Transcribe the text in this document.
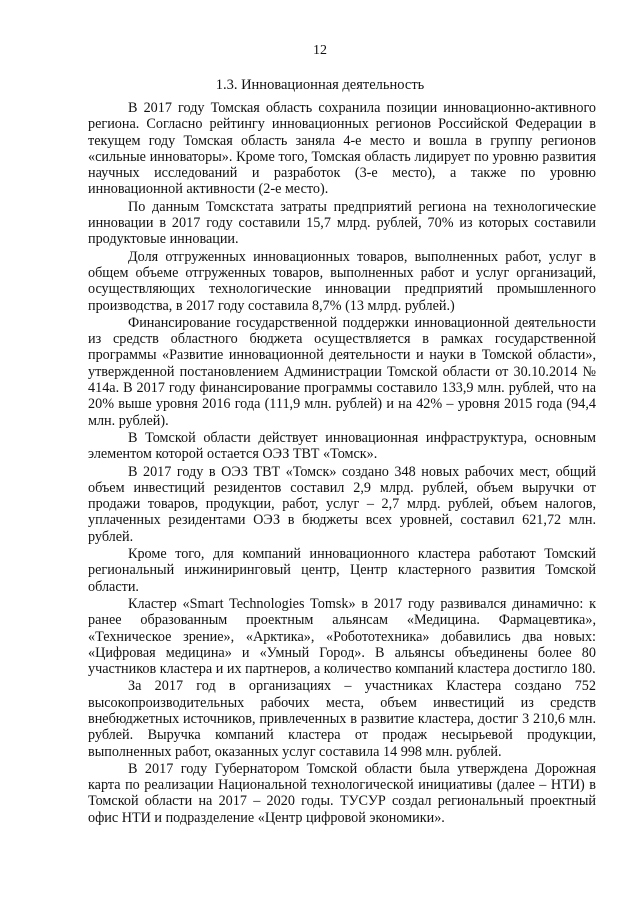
12
1.3. Инновационная деятельность

В 2017 году Томская область сохранила позиции инновационно-активного региона. Согласно рейтингу инновационных регионов Российской Федерации в текущем году Томская область заняла 4-е место и вошла в группу регионов «сильные инноваторы». Кроме того, Томская область лидирует по уровню развития научных исследований и разработок (3-е место), а также по уровню инновационной активности (2-е место).

По данным Томскстата затраты предприятий региона на технологические инновации в 2017 году составили 15,7 млрд. рублей, 70% из которых составили продуктовые инновации.

Доля отгруженных инновационных товаров, выполненных работ, услуг в общем объеме отгруженных товаров, выполненных работ и услуг организаций, осуществляющих технологические инновации предприятий промышленного производства, в 2017 году составила 8,7% (13 млрд. рублей.)

Финансирование государственной поддержки инновационной деятельности из средств областного бюджета осуществляется в рамках государственной программы «Развитие инновационной деятельности и науки в Томской области», утвержденной постановлением Администрации Томской области от 30.10.2014 № 414а. В 2017 году финансирование программы составило 133,9 млн. рублей, что на 20% выше уровня 2016 года (111,9 млн. рублей) и на 42% – уровня 2015 года (94,4 млн. рублей).

В Томской области действует инновационная инфраструктура, основным элементом которой остается ОЭЗ ТВТ «Томск».

В 2017 году в ОЭЗ ТВТ «Томск» создано 348 новых рабочих мест, общий объем инвестиций резидентов составил 2,9 млрд. рублей, объем выручки от продажи товаров, продукции, работ, услуг – 2,7 млрд. рублей, объем налогов, уплаченных резидентами ОЭЗ в бюджеты всех уровней, составил 621,72 млн. рублей.

Кроме того, для компаний инновационного кластера работают Томский региональный инжиниринговый центр, Центр кластерного развития Томской области.

Кластер «Smart Technologies Tomsk» в 2017 году развивался динамично: к ранее образованным проектным альянсам «Медицина. Фармацевтика», «Техническое зрение», «Арктика», «Робототехника» добавились два новых: «Цифровая медицина» и «Умный Город». В альянсы объединены более 80 участников кластера и их партнеров, а количество компаний кластера достигло 180.

За 2017 год в организациях – участниках Кластера создано 752 высокопроизводительных рабочих места, объем инвестиций из средств внебюджетных источников, привлеченных в развитие кластера, достиг 3 210,6 млн. рублей. Выручка компаний кластера от продаж несырьевой продукции, выполненных работ, оказанных услуг составила 14 998 млн. рублей.

В 2017 году Губернатором Томской области была утверждена Дорожная карта по реализации Национальной технологической инициативы (далее – НТИ) в Томской области на 2017 – 2020 годы. ТУСУР создал региональный проектный офис НТИ и подразделение «Центр цифровой экономики».
